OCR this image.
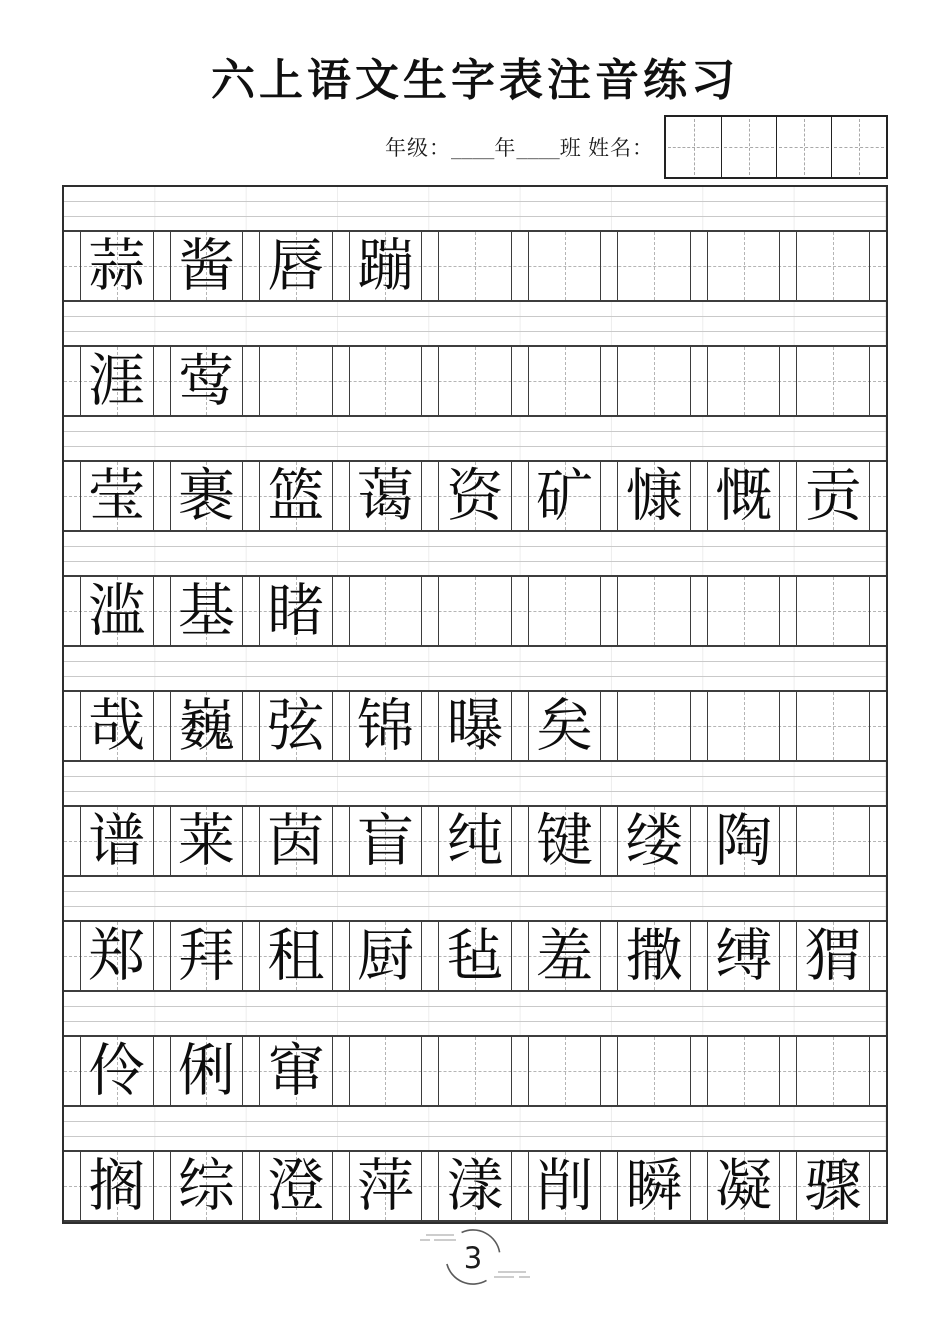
六上语文生字表注音练习
年级：____年____班 姓名：
蒜 酱 唇 蹦
涯 莺
莹 裹 篮 蔼 资 矿 慷 慨 贡
滥 基 睹
哉 巍 弦 锦 曝 矣
谱 莱 茵 盲 纯 键 缕 陶
郑 拜 租 厨 毡 羞 撒 缚 猬
伶 俐 窜
搁 综 澄 萍 漾 削 瞬 凝 骤
3
